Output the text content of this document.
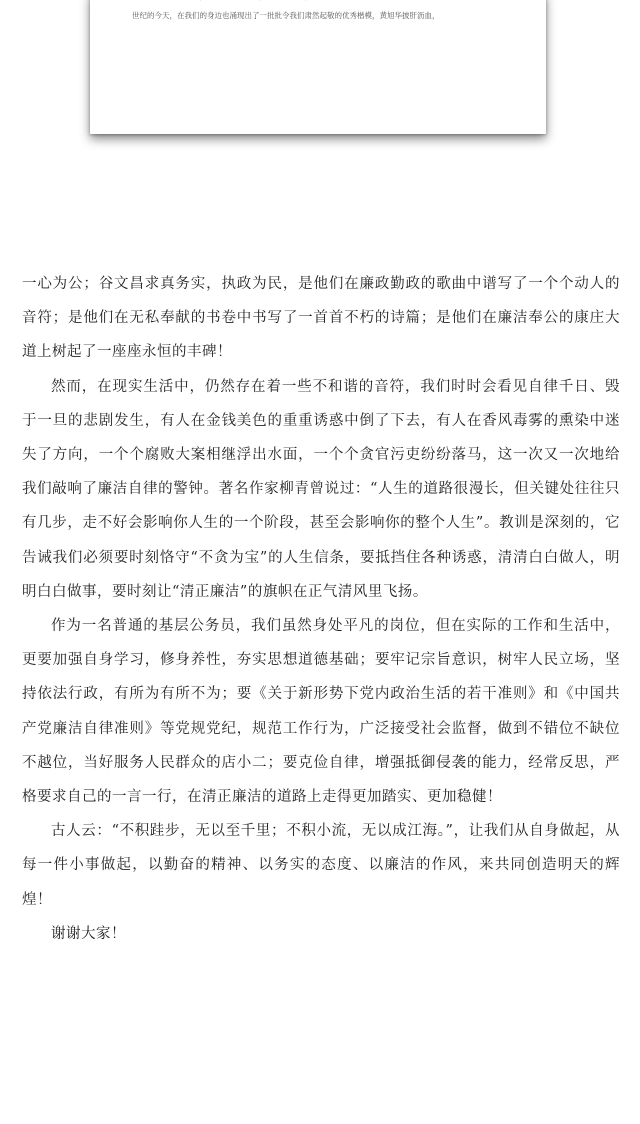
世纪的今天，在我们的身边也涌现出了一批批令我们肃然起敬的优秀楷模，黄旭华披肝沥血，

一心为公；谷文昌求真务实，执政为民，是他们在廉政勤政的歌曲中谱写了一个个动人的音符；是他们在无私奉献的书卷中书写了一首首不朽的诗篇；是他们在廉洁奉公的康庄大道上树起了一座座永恒的丰碑！

然而，在现实生活中，仍然存在着一些不和谐的音符，我们时时会看见自律千日、毁于一旦的悲剧发生，有人在金钱美色的重重诱惑中倒了下去，有人在香风毒雾的熏染中迷失了方向，一个个腐败大案相继浮出水面，一个个贪官污吏纷纷落马，这一次又一次地给我们敲响了廉洁自律的警钟。著名作家柳青曾说过：“人生的道路很漫长，但关键处往往只有几步，走不好会影响你人生的一个阶段，甚至会影响你的整个人生”。教训是深刻的，它告诫我们必须要时刻恪守“不贪为宝”的人生信条，要抵挡住各种诱惑，清清白白做人，明明白白做事，要时刻让“清正廉洁”的旗帜在正气清风里飞扬。

作为一名普通的基层公务员，我们虽然身处平凡的岗位，但在实际的工作和生活中，更要加强自身学习，修身养性，夯实思想道德基础；要牢记宗旨意识，树牢人民立场，坚持依法行政，有所为有所不为；要《关于新形势下党内政治生活的若干准则》和《中国共产党廉洁自律准则》等党规党纪，规范工作行为，广泛接受社会监督，做到不错位不缺位不越位，当好服务人民群众的店小二；要克俭自律，增强抵御侵袭的能力，经常反思，严格要求自己的一言一行，在清正廉洁的道路上走得更加踏实、更加稳健！

古人云：“不积跬步，无以至千里；不积小流，无以成江海。”，让我们从自身做起，从每一件小事做起，以勤奋的精神、以务实的态度、以廉洁的作风，来共同创造明天的辉煌！

谢谢大家！
